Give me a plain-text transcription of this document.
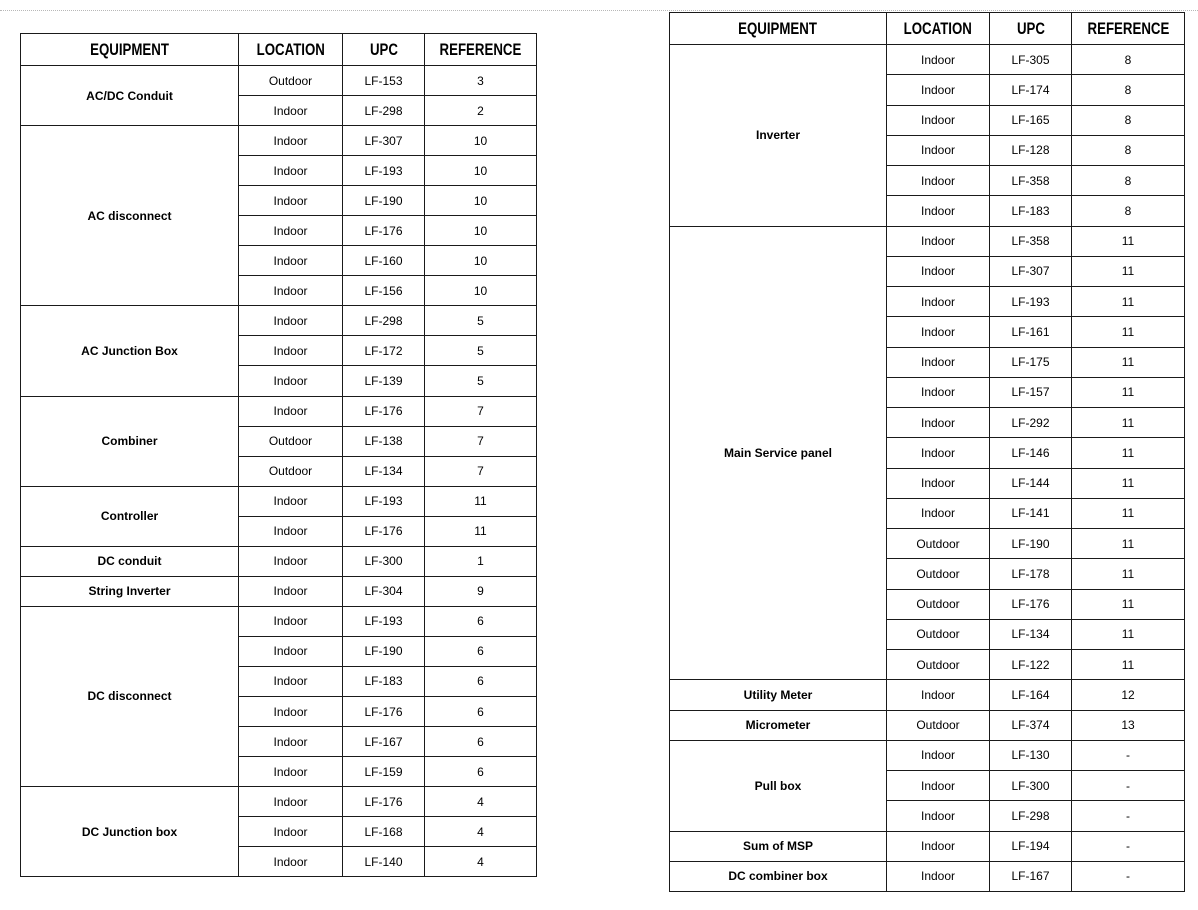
EQUIPMENT	LOCATION	UPC	REFERENCE
AC/DC Conduit	Outdoor	LF-153	3
	Indoor	LF-298	2
AC disconnect	Indoor	LF-307	10
	Indoor	LF-193	10
	Indoor	LF-190	10
	Indoor	LF-176	10
	Indoor	LF-160	10
	Indoor	LF-156	10
AC Junction Box	Indoor	LF-298	5
	Indoor	LF-172	5
	Indoor	LF-139	5
Combiner	Indoor	LF-176	7
	Outdoor	LF-138	7
	Outdoor	LF-134	7
Controller	Indoor	LF-193	11
	Indoor	LF-176	11
DC conduit	Indoor	LF-300	1
String Inverter	Indoor	LF-304	9
DC disconnect	Indoor	LF-193	6
	Indoor	LF-190	6
	Indoor	LF-183	6
	Indoor	LF-176	6
	Indoor	LF-167	6
	Indoor	LF-159	6
DC Junction box	Indoor	LF-176	4
	Indoor	LF-168	4
	Indoor	LF-140	4
EQUIPMENT	LOCATION	UPC	REFERENCE
Inverter	Indoor	LF-305	8
	Indoor	LF-174	8
	Indoor	LF-165	8
	Indoor	LF-128	8
	Indoor	LF-358	8
	Indoor	LF-183	8
Main Service panel	Indoor	LF-358	11
	Indoor	LF-307	11
	Indoor	LF-193	11
	Indoor	LF-161	11
	Indoor	LF-175	11
	Indoor	LF-157	11
	Indoor	LF-292	11
	Indoor	LF-146	11
	Indoor	LF-144	11
	Indoor	LF-141	11
	Outdoor	LF-190	11
	Outdoor	LF-178	11
	Outdoor	LF-176	11
	Outdoor	LF-134	11
	Outdoor	LF-122	11
Utility Meter	Indoor	LF-164	12
Micrometer	Outdoor	LF-374	13
Pull box	Indoor	LF-130	-
	Indoor	LF-300	-
	Indoor	LF-298	-
Sum of MSP	Indoor	LF-194	-
DC combiner box	Indoor	LF-167	-
